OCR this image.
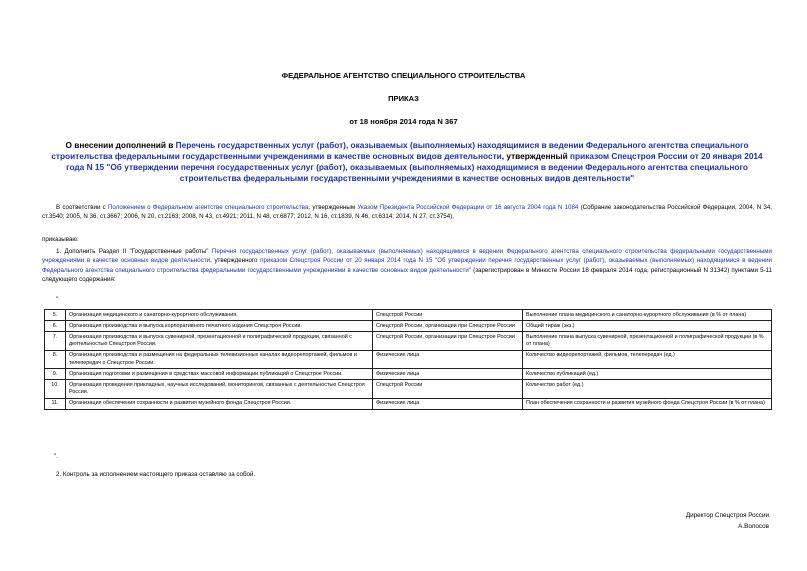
ФЕДЕРАЛЬНОЕ АГЕНТСТВО СПЕЦИАЛЬНОГО СТРОИТЕЛЬСТВА
ПРИКАЗ
от 18 ноября 2014 года N 367
О внесении дополнений в Перечень государственных услуг (работ), оказываемых (выполняемых) находящимися в ведении Федерального агентства специального строительства федеральными государственными учреждениями в качестве основных видов деятельности, утвержденный приказом Спецстроя России от 20 января 2014 года N 15 "Об утверждении перечня государственных услуг (работ), оказываемых (выполняемых) находящимися в ведении Федерального агентства специального строительства федеральными государственными учреждениями в качестве основных видов деятельности"
В соответствии с Положением о Федеральном агентстве специального строительства, утвержденным Указом Президента Российской Федерации от 16 августа 2004 года N 1084 (Собрание законодательства Российской Федерации, 2004, N 34, ст.3540; 2005, N 36, ст.3667; 2006, N 20, ст.2163; 2008, N 43, ст.4921; 2011, N 48, ст.6877; 2012, N 16, ст.1839, N 46, ст.6314; 2014, N 27, ст.3754),
приказываю:
1. Дополнить Раздел II "Государственные работы" Перечня государственных услуг (работ), оказываемых (выполняемых) находящимися в ведении Федерального агентства специального строительства федеральными государственными учреждениями в качестве основных видов деятельности, утвержденного приказом Спецстроя России от 20 января 2014 года N 15 "Об утверждении перечня государственных услуг (работ), оказываемых (выполняемых) находящимися в ведении Федерального агентства специального строительства федеральными государственными учреждениями в качестве основных видов деятельности" (зарегистрирован в Минюсте России 18 февраля 2014 года, регистрационный N 31342) пунктами 5-11 следующего содержания:
"
5.	Организация медицинского и санаторно-курортного обслуживания.	Спецстрой России	Выполнение плана медицинского и санаторно-курортного обслуживания (в % от плана)
6.	Организация производства и выпуска корпоративного печатного издания Спецстроя России.	Спецстрой России, организации при Спецстрое России	Общий тираж (экз.)
7.	Организация производства и выпуска сувенирной, презентационной и полиграфической продукции, связанной с деятельностью Спецстроя России.	Спецстрой России, организации при Спецстрое России	Выполнение плана выпуска сувенирной, презентационной и полиграфической продукции (в % от плана)
8.	Организация производства и размещения на федеральных телевизионных каналах видеорепортажей, фильмов и телепередач о Спецстрое России.	Физические лица	Количество видеорепортажей, фильмов, телепередач (ед.)
9.	Организация подготовки и размещения в средствах массовой информации публикаций о Спецстрое России.	Физические лица	Количество публикаций (ед.)
10.	Организация проведения прикладных, научных исследований, мониторингов, связанных с деятельностью Спецстроя России.	Спецстрой России	Количество работ (ед.)
11.	Организация обеспечения сохранности и развития музейного фонда Спецстроя России.	Физические лица	План обеспечения сохранности и развития музейного фонда Спецстроя России (в % от плана)
".
2. Контроль за исполнением настоящего приказа оставляю за собой.
Директор Спецстроя России
А.Волосов
